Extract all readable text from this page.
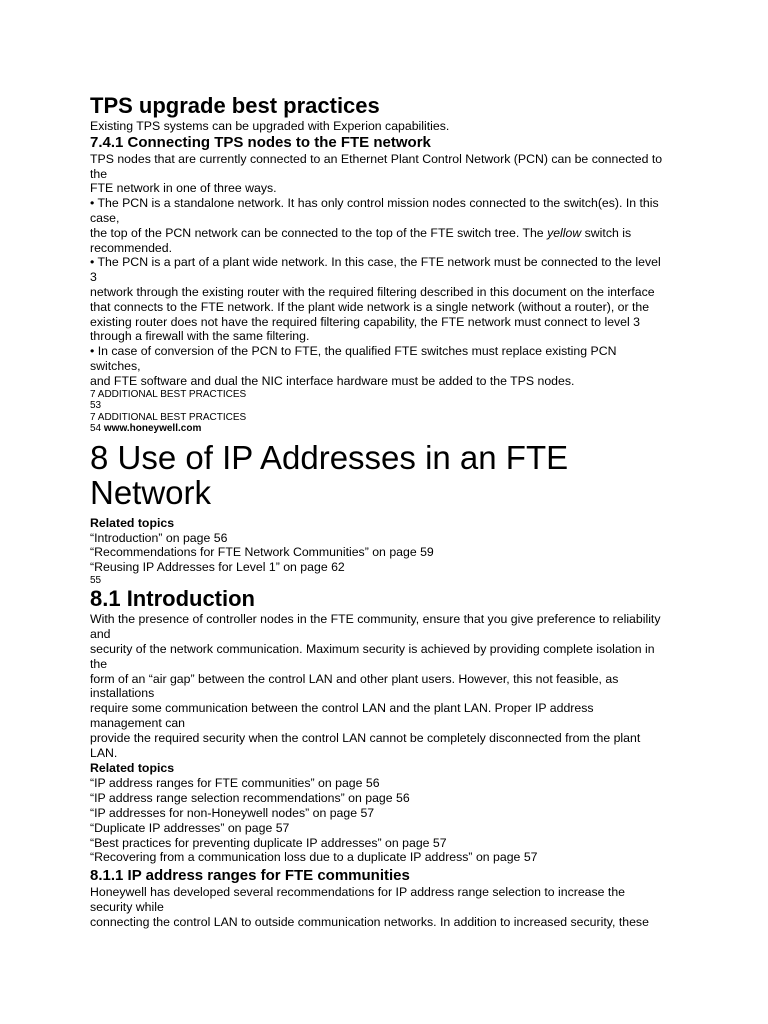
TPS upgrade best practices

Existing TPS systems can be upgraded with Experion capabilities.

7.4.1 Connecting TPS nodes to the FTE network

TPS nodes that are currently connected to an Ethernet Plant Control Network (PCN) can be connected to

the

FTE network in one of three ways.

• The PCN is a standalone network. It has only control mission nodes connected to the switch(es). In this

case,

the top of the PCN network can be connected to the top of the FTE switch tree. The yellow switch is

recommended.

• The PCN is a part of a plant wide network. In this case, the FTE network must be connected to the level

3

network through the existing router with the required filtering described in this document on the interface

that connects to the FTE network. If the plant wide network is a single network (without a router), or the

existing router does not have the required filtering capability, the FTE network must connect to level 3

through a firewall with the same filtering.

• In case of conversion of the PCN to FTE, the qualified FTE switches must replace existing PCN

switches,

and FTE software and dual the NIC interface hardware must be added to the TPS nodes.

7 ADDITIONAL BEST PRACTICES

53

7 ADDITIONAL BEST PRACTICES

54 www.honeywell.com

8 Use of IP Addresses in an FTE
Network

Related topics

“Introduction” on page 56

“Recommendations for FTE Network Communities” on page 59

“Reusing IP Addresses for Level 1” on page 62

55

8.1 Introduction

With the presence of controller nodes in the FTE community, ensure that you give preference to reliability

and

security of the network communication. Maximum security is achieved by providing complete isolation in

the

form of an “air gap” between the control LAN and other plant users. However, this not feasible, as

installations

require some communication between the control LAN and the plant LAN. Proper IP address

management can

provide the required security when the control LAN cannot be completely disconnected from the plant

LAN.

Related topics

“IP address ranges for FTE communities” on page 56

“IP address range selection recommendations” on page 56

“IP addresses for non-Honeywell nodes” on page 57

“Duplicate IP addresses” on page 57

“Best practices for preventing duplicate IP addresses” on page 57

“Recovering from a communication loss due to a duplicate IP address” on page 57

8.1.1 IP address ranges for FTE communities

Honeywell has developed several recommendations for IP address range selection to increase the

security while

connecting the control LAN to outside communication networks. In addition to increased security, these
